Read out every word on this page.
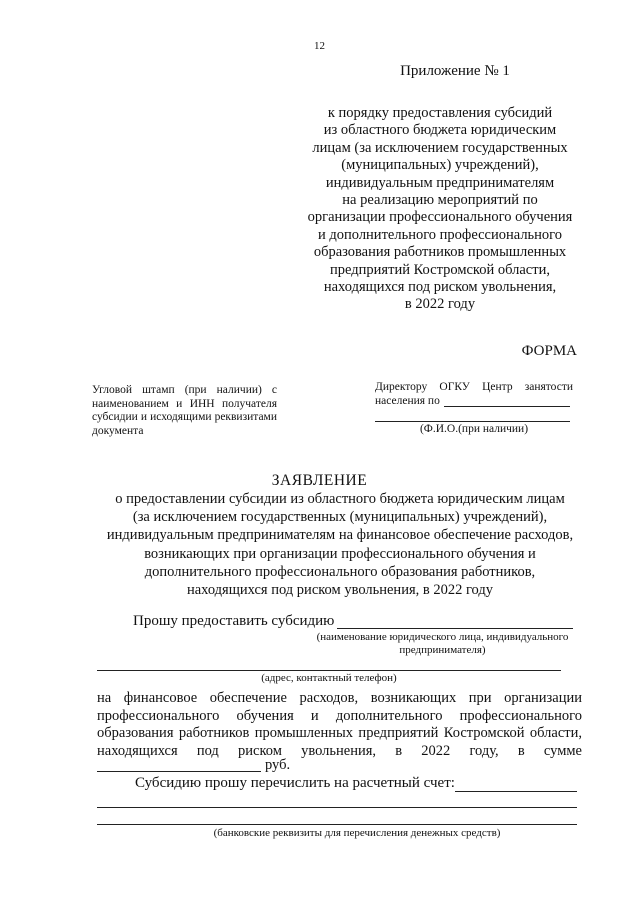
12
Приложение № 1
к порядку предоставления субсидий
из областного бюджета юридическим
лицам (за исключением государственных
(муниципальных) учреждений),
индивидуальным предпринимателям
на реализацию мероприятий по
организации профессионального обучения
и дополнительного профессионального
образования работников промышленных
предприятий Костромской области,
находящихся под риском увольнения,
в 2022 году
ФОРМА
Угловой штамп (при наличии) с наименованием и ИНН получателя субсидии и исходящими реквизитами документа
Директору ОГКУ Центр занятости населения по
(Ф.И.О.(при наличии)
ЗАЯВЛЕНИЕ
о предоставлении субсидии из областного бюджета юридическим лицам
(за исключением государственных (муниципальных) учреждений),
индивидуальным предпринимателям на финансовое обеспечение расходов,
возникающих при организации профессионального обучения и
дополнительного профессионального образования работников,
находящихся под риском увольнения, в 2022 году
Прошу предоставить субсидию
(наименование юридического лица, индивидуального
предпринимателя)
(адрес, контактный телефон)
на финансовое обеспечение расходов, возникающих при организации профессионального обучения и дополнительного профессионального образования работников промышленных предприятий Костромской области, находящихся под риском увольнения, в 2022 году, в сумме
руб.
Субсидию прошу перечислить на расчетный счет:
(банковские реквизиты для перечисления денежных средств)
